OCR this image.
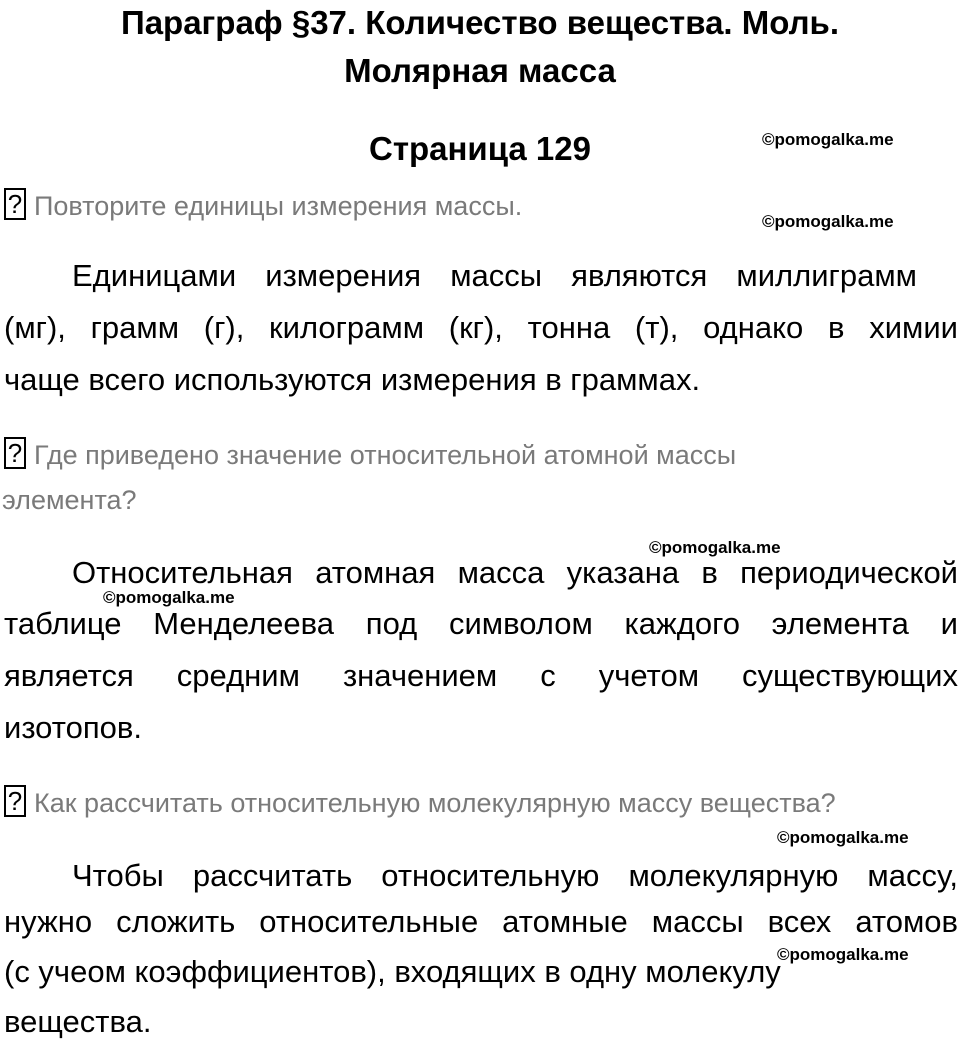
Параграф §37. Количество вещества. Моль.
Молярная масса
Страница 129	©pomogalka.me
©pomogalka.me
©pomogalka.me
©pomogalka.me
©pomogalka.me
©pomogalka.me
? Повторите единицы измерения массы.
Единицами измерения массы являются миллиграмм
(мг), грамм (г), килограмм (кг), тонна (т), однако в химии
чаще всего используются измерения в граммах.
? Где приведено значение относительной атомной массы
элемента?
Относительная атомная масса указана в периодической
таблице Менделеева под символом каждого элемента и
является средним значением с учетом существующих
изотопов.
? Как рассчитать относительную молекулярную массу вещества?
Чтобы рассчитать относительную молекулярную массу,
нужно сложить относительные атомные массы всех атомов
(с учеом коэффициентов), входящих в одну молекулу
вещества.
